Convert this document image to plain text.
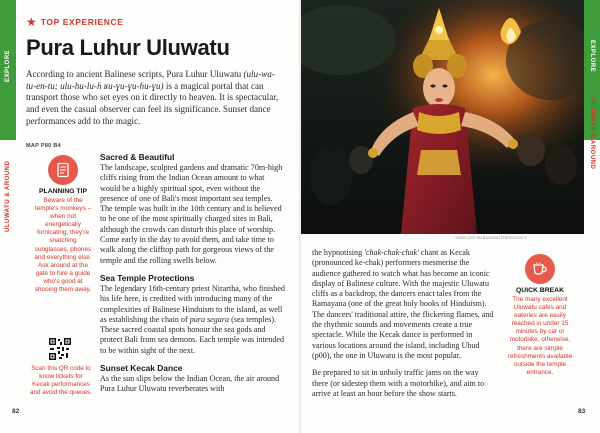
EXPLORE	EXPLORE
ULUWATU & AROUND
ULUWATU & AROUND
★ TOP EXPERIENCE
Pura Luhur Uluwatu

According to ancient Balinese scripts, Pura Luhur Uluwatu (ulu-wa-tu-en-tu; ulu-hu-lu-ɦ ʁu-ɣu-ɣu-ɦu-ɣu) is a magical portal that can transport those who set eyes on it directly to heaven. It is spectacular, and even the casual observer can feel its significance. Sunset dance performances add to the magic.

MAP P80 B4
PLANNING TIP
Beware of the temple's monkeys – when not energetically fornicating, they're snatching sunglasses, phones and everything else. Ask around at the gate to hire a guide who's good at shooing them away.
Scan this QR code to know tickets for Kecak performances and avoid the queues.
Sacred & Beautiful

The landscape, sculpted gardens and dramatic 70m-high cliffs rising from the Indian Ocean amount to what would be a highly spiritual spot, even without the presence of one of Bali's most important sea temples. The temple was built in the 10th century and is believed to be one of the most spiritually charged sites in Bali, although the crowds can disturb this place of worship. Come early in the day to avoid them, and take time to walk along the clifftop path for gorgeous views of the temple and the rolling swells below.

Sea Temple Protections

The legendary 16th-century priest Nirartha, who finished his life here, is credited with introducing many of the complexities of Balinese Hinduism to the island, as well as establishing the chain of pura segara (sea temples). These sacred coastal spots honour the sea gods and protect Bali from sea demons. Each temple was intended to be within sight of the next.

Sunset Kecak Dance

As the sun slips below the Indian Ocean, the air around Pura Luhur Uluwatu reverberates with

YOUR LIFE ON BALI/SHUTTERSTOCK ©

the hypnotising 'chak-chak-chak' chant as Kecak (pronounced ke-chak) performers mesmerise the audience gathered to watch what has become an iconic display of Balinese culture. With the majestic Uluwatu cliffs as a backdrop, the dancers enact tales from the Ramayana (one of the great holy books of Hinduism). The dancers' traditional attire, the flickering flames, and the rhythmic sounds and movements create a true spectacle. While the Kecak dance is performed in various locations around the island, including Ubud (p00), the one in Uluwatu is the most popular.

Be prepared to sit in unholy traffic jams on the way there (or sidestep them with a motorbike), and aim to arrive at least an hour before the show starts.

QUICK BREAK
The many excellent Uluwatu cafes and eateries are easily reached in under 15 minutes by car or motorbike, otherwise, there are simple refreshments available outside the temple entrance.
82	83
